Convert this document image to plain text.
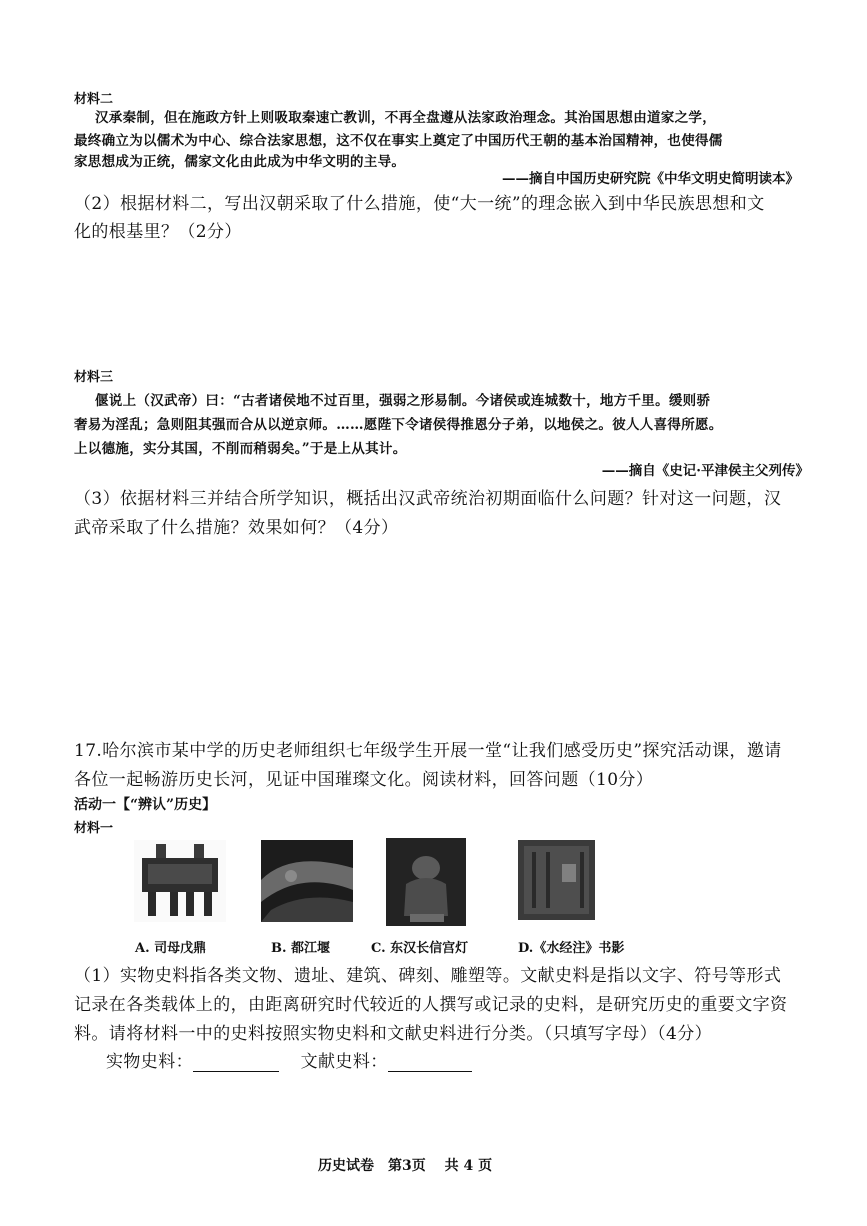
材料二
汉承秦制，但在施政方针上则吸取秦速亡教训，不再全盘遵从法家政治理念。其治国思想由道家之学，
最终确立为以儒术为中心、综合法家思想，这不仅在事实上奠定了中国历代王朝的基本治国精神，也使得儒
家思想成为正统，儒家文化由此成为中华文明的主导。
——摘自中国历史研究院《中华文明史简明读本》
（2）根据材料二，写出汉朝采取了什么措施，使“大一统”的理念嵌入到中华民族思想和文
化的根基里？（2分）
材料三
偃说上（汉武帝）曰：“古者诸侯地不过百里，强弱之形易制。今诸侯或连城数十，地方千里。缓则骄
奢易为淫乱；急则阻其强而合从以逆京师。……愿陛下令诸侯得推恩分子弟，以地侯之。彼人人喜得所愿。
上以德施，实分其国，不削而稍弱矣。”于是上从其计。
——摘自《史记·平津侯主父列传》
（3）依据材料三并结合所学知识，概括出汉武帝统治初期面临什么问题？针对这一问题，汉
武帝采取了什么措施？效果如何？（4分）
17.哈尔滨市某中学的历史老师组织七年级学生开展一堂“让我们感受历史”探究活动课，邀请
各位一起畅游历史长河，见证中国璀璨文化。阅读材料，回答问题（10分）
活动一【“辨认”历史】
材料一
A. 司母戊鼎	B. 都江堰	C. 东汉长信宫灯	D.《水经注》书影
（1）实物史料指各类文物、遗址、建筑、碑刻、雕塑等。文献史料是指以文字、符号等形式
记录在各类载体上的，由距离研究时代较近的人撰写或记录的史料，是研究历史的重要文字资
料。请将材料一中的史料按照实物史料和文献史料进行分类。（只填写字母）（4分）
实物史料：	文献史料：
历史试卷　第3页　 共 4 页
